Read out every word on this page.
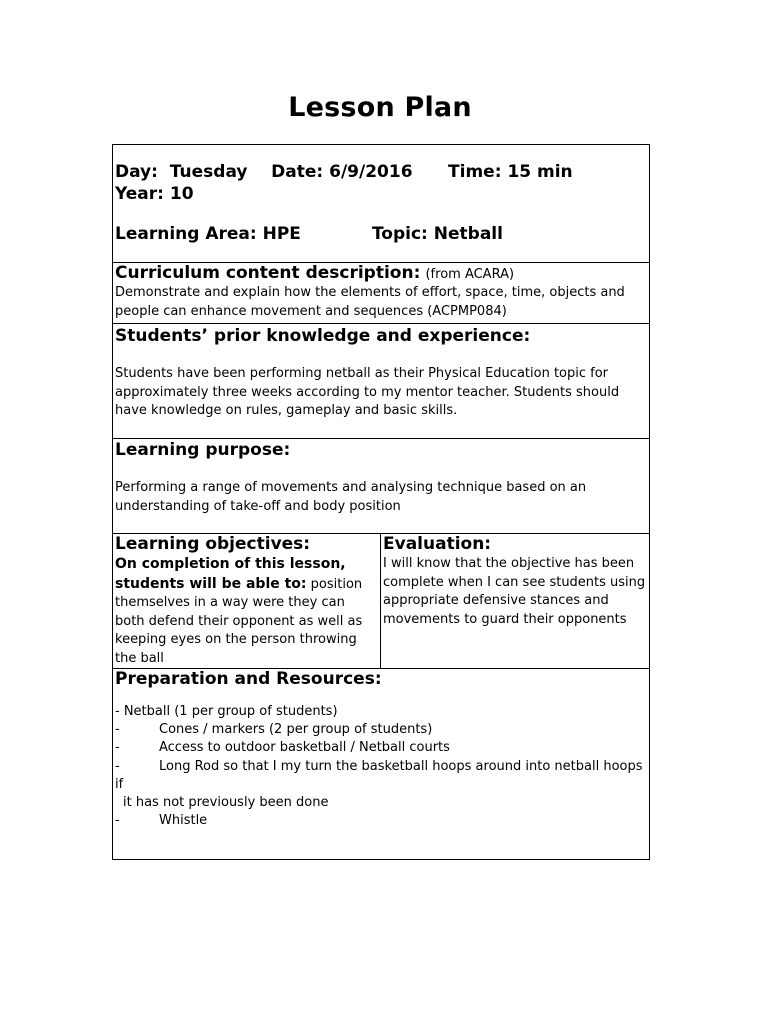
Lesson Plan
Day: Tuesday Date: 6/9/2016 Time: 15 min
Year: 10
Learning Area: HPE	Topic: Netball

Curriculum content description: (from ACARA)
Demonstrate and explain how the elements of effort, space, time, objects and people can enhance movement and sequences (ACPMP084)

Students’ prior knowledge and experience:
Students have been performing netball as their Physical Education topic for approximately three weeks according to my mentor teacher. Students should have knowledge on rules, gameplay and basic skills.

Learning purpose:
Performing a range of movements and analysing technique based on an understanding of take-off and body position

Learning objectives:
On completion of this lesson, students will be able to: position themselves in a way were they can both defend their opponent as well as keeping eyes on the person throwing the ball

Evaluation:
I will know that the objective has been complete when I can see students using appropriate defensive stances and movements to guard their opponents

Preparation and Resources:
- Netball (1 per group of students)
-	Cones / markers (2 per group of students)
-	Access to outdoor basketball / Netball courts
-	Long Rod so that I my turn the basketball hoops around into netball hoops if
it has not previously been done
-	Whistle
